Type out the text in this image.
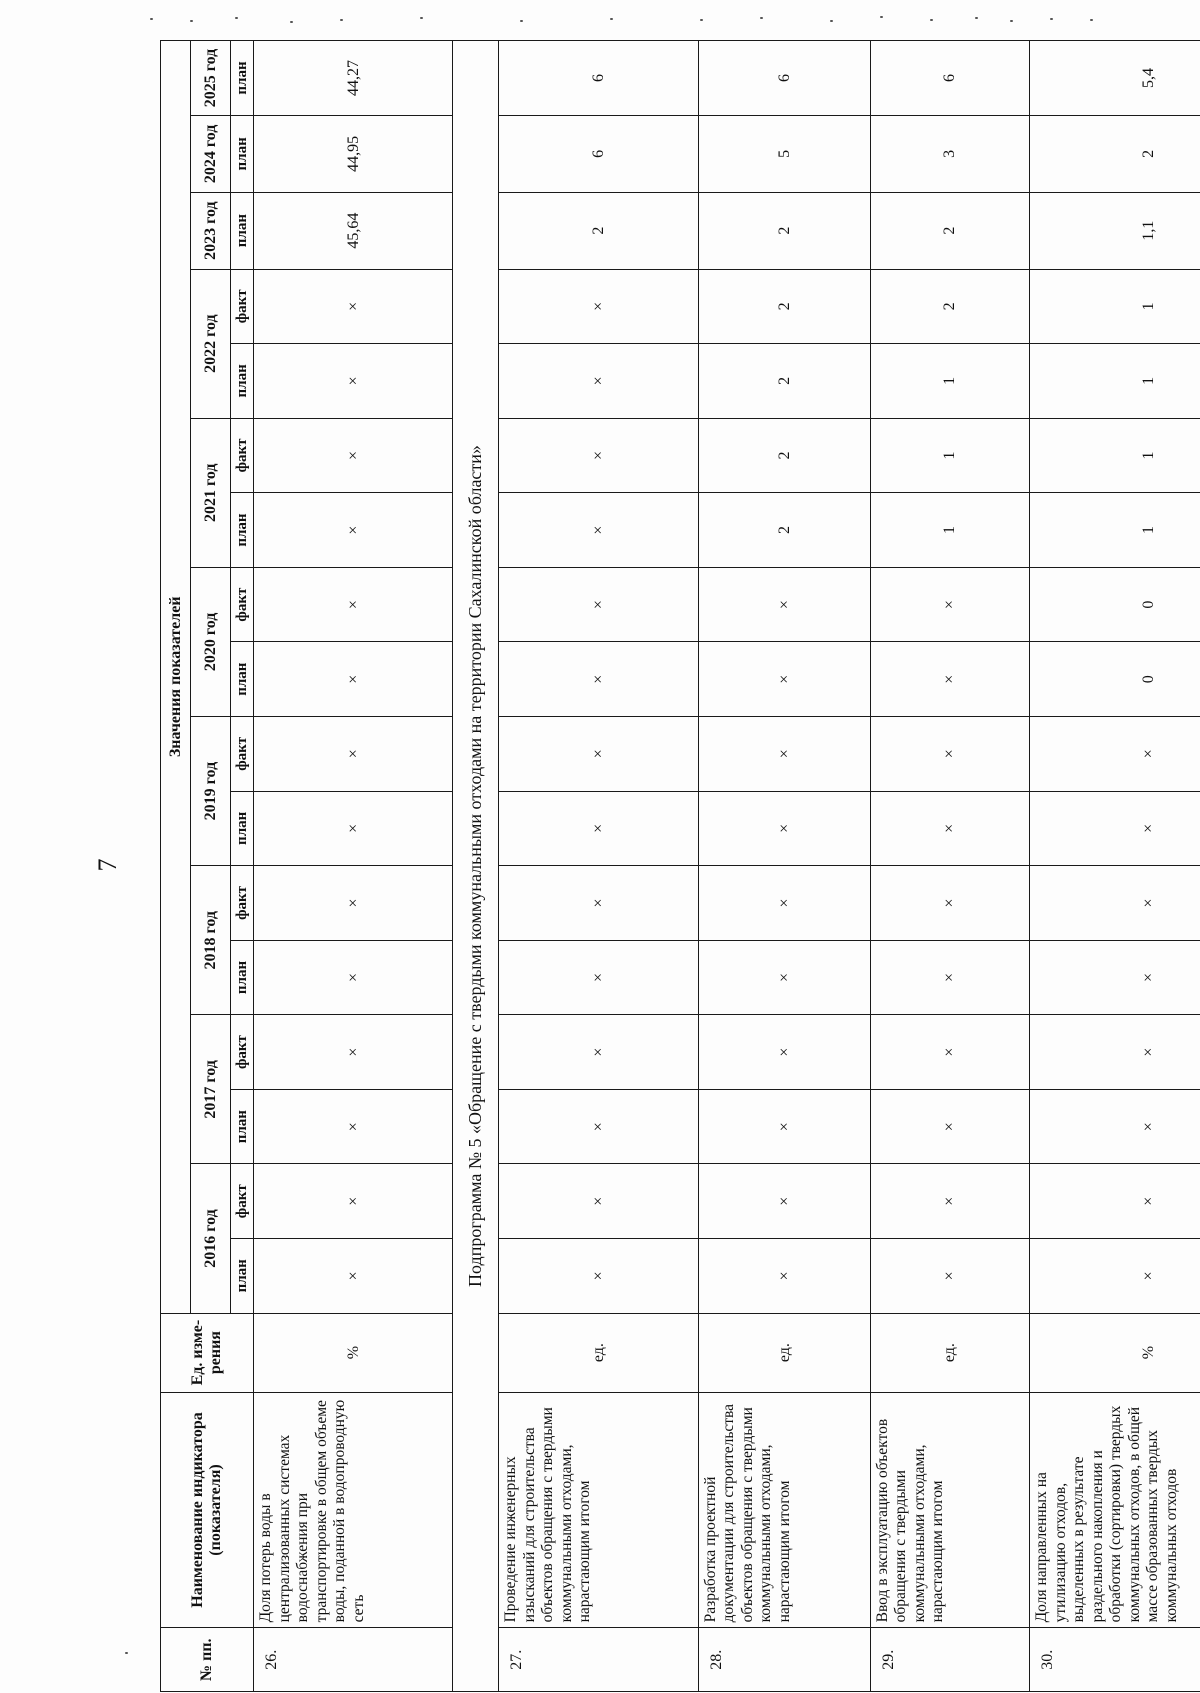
7
№ пп.	Наименование индикатора (показателя)	Ед. изме-рения	Значения показателей																
			2016 год		2017 год		2018 год		2019 год		2020 год		2021 год		2022 год		2023 год	2024 год	2025 год
			план	факт	план	факт	план	факт	план	факт	план	факт	план	факт	план	факт	план	план	план
26.	Доля потерь воды в централизованных системах водоснабжения при транспортировке в общем объеме воды, поданной в водопроводную сеть	%	×	×	×	×	×	×	×	×	×	×	×	×	×	×	45,64	44,95	44,27
Подпрограмма № 5 «Обращение с твердыми коммунальными отходами на территории Сахалинской области»																			
27.	Проведение инженерных изысканий для строительства объектов обращения с твердыми коммунальными отходами, нарастающим итогом	ед.	×	×	×	×	×	×	×	×	×	×	×	×	×	×	2	6	6
28.	Разработка проектной документации для строительства объектов обращения с твердыми коммунальными отходами, нарастающим итогом	ед.	×	×	×	×	×	×	×	×	×	×	2	2	2	2	2	5	6
29.	Ввод в эксплуатацию объектов обращения с твердыми коммунальными отходами, нарастающим итогом	ед.	×	×	×	×	×	×	×	×	×	×	1	1	1	2	2	3	6
30.	Доля направленных на утилизацию отходов, выделенных в результате раздельного накопления и обработки (сортировки) твердых коммунальных отходов, в общей массе образованных твердых коммунальных отходов	%	×	×	×	×	×	×	×	×	0	0	1	1	1	1	1,1	2	5,4
